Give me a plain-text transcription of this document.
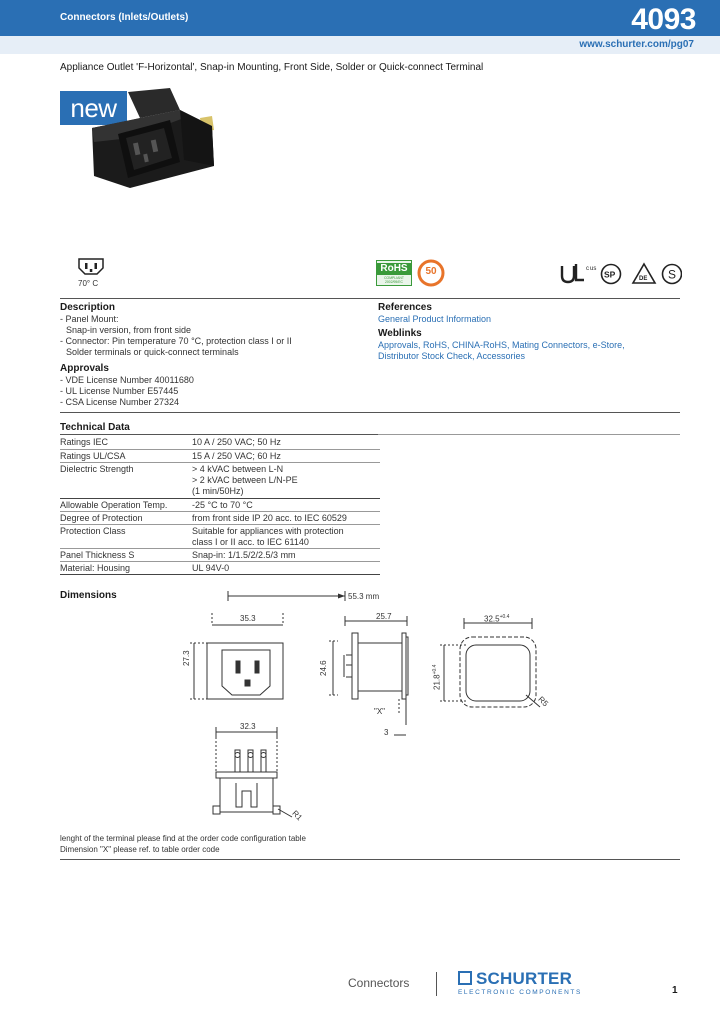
Connectors (Inlets/Outlets)	4093
www.schurter.com/pg07
Appliance Outlet 'F-Horizontal', Snap-in Mounting, Front Side, Solder or Quick-connect Terminal
new
70° C
RoHS
COMPLIANT 2002/95/EC
50	c us
SP	DE S
Description
- Panel Mount:
Snap-in version, from front side
- Connector: Pin temperature 70 °C, protection class I or II
Solder terminals or quick-connect terminals
Approvals
- VDE License Number 40011680
- UL License Number E57445
- CSA License Number 27324
References
General Product Information
Weblinks
Approvals, RoHS, CHINA-RoHS, Mating Connectors, e-Store,
Distributor Stock Check, Accessories
Technical Data
Ratings IEC	10 A / 250 VAC; 50 Hz
Ratings UL/CSA	15 A / 250 VAC; 60 Hz
Dielectric Strength	> 4 kVAC between L-N
> 2 kVAC between L/N-PE
(1 min/50Hz)
Allowable Operation Temp.	-25 °C to 70 °C
Degree of Protection	from front side IP 20 acc. to IEC 60529
Protection Class	Suitable for appliances with protection
class I or II acc. to IEC 61140
Panel Thickness S	Snap-in: 1/1.5/2/2.5/3 mm
Material: Housing	UL 94V-0
Dimensions	55.3 mm
35.3
27.3
25.7
24.6
$32.5^{+0.4}$
$21.8^{+0.4}$
R5
"X"
3
32.3
R1
lenght of the terminal please find at the order code configuration table
Dimension "X" please ref. to table order code
Connectors	SCHURTER
ELECTRONIC COMPONENTS	1
